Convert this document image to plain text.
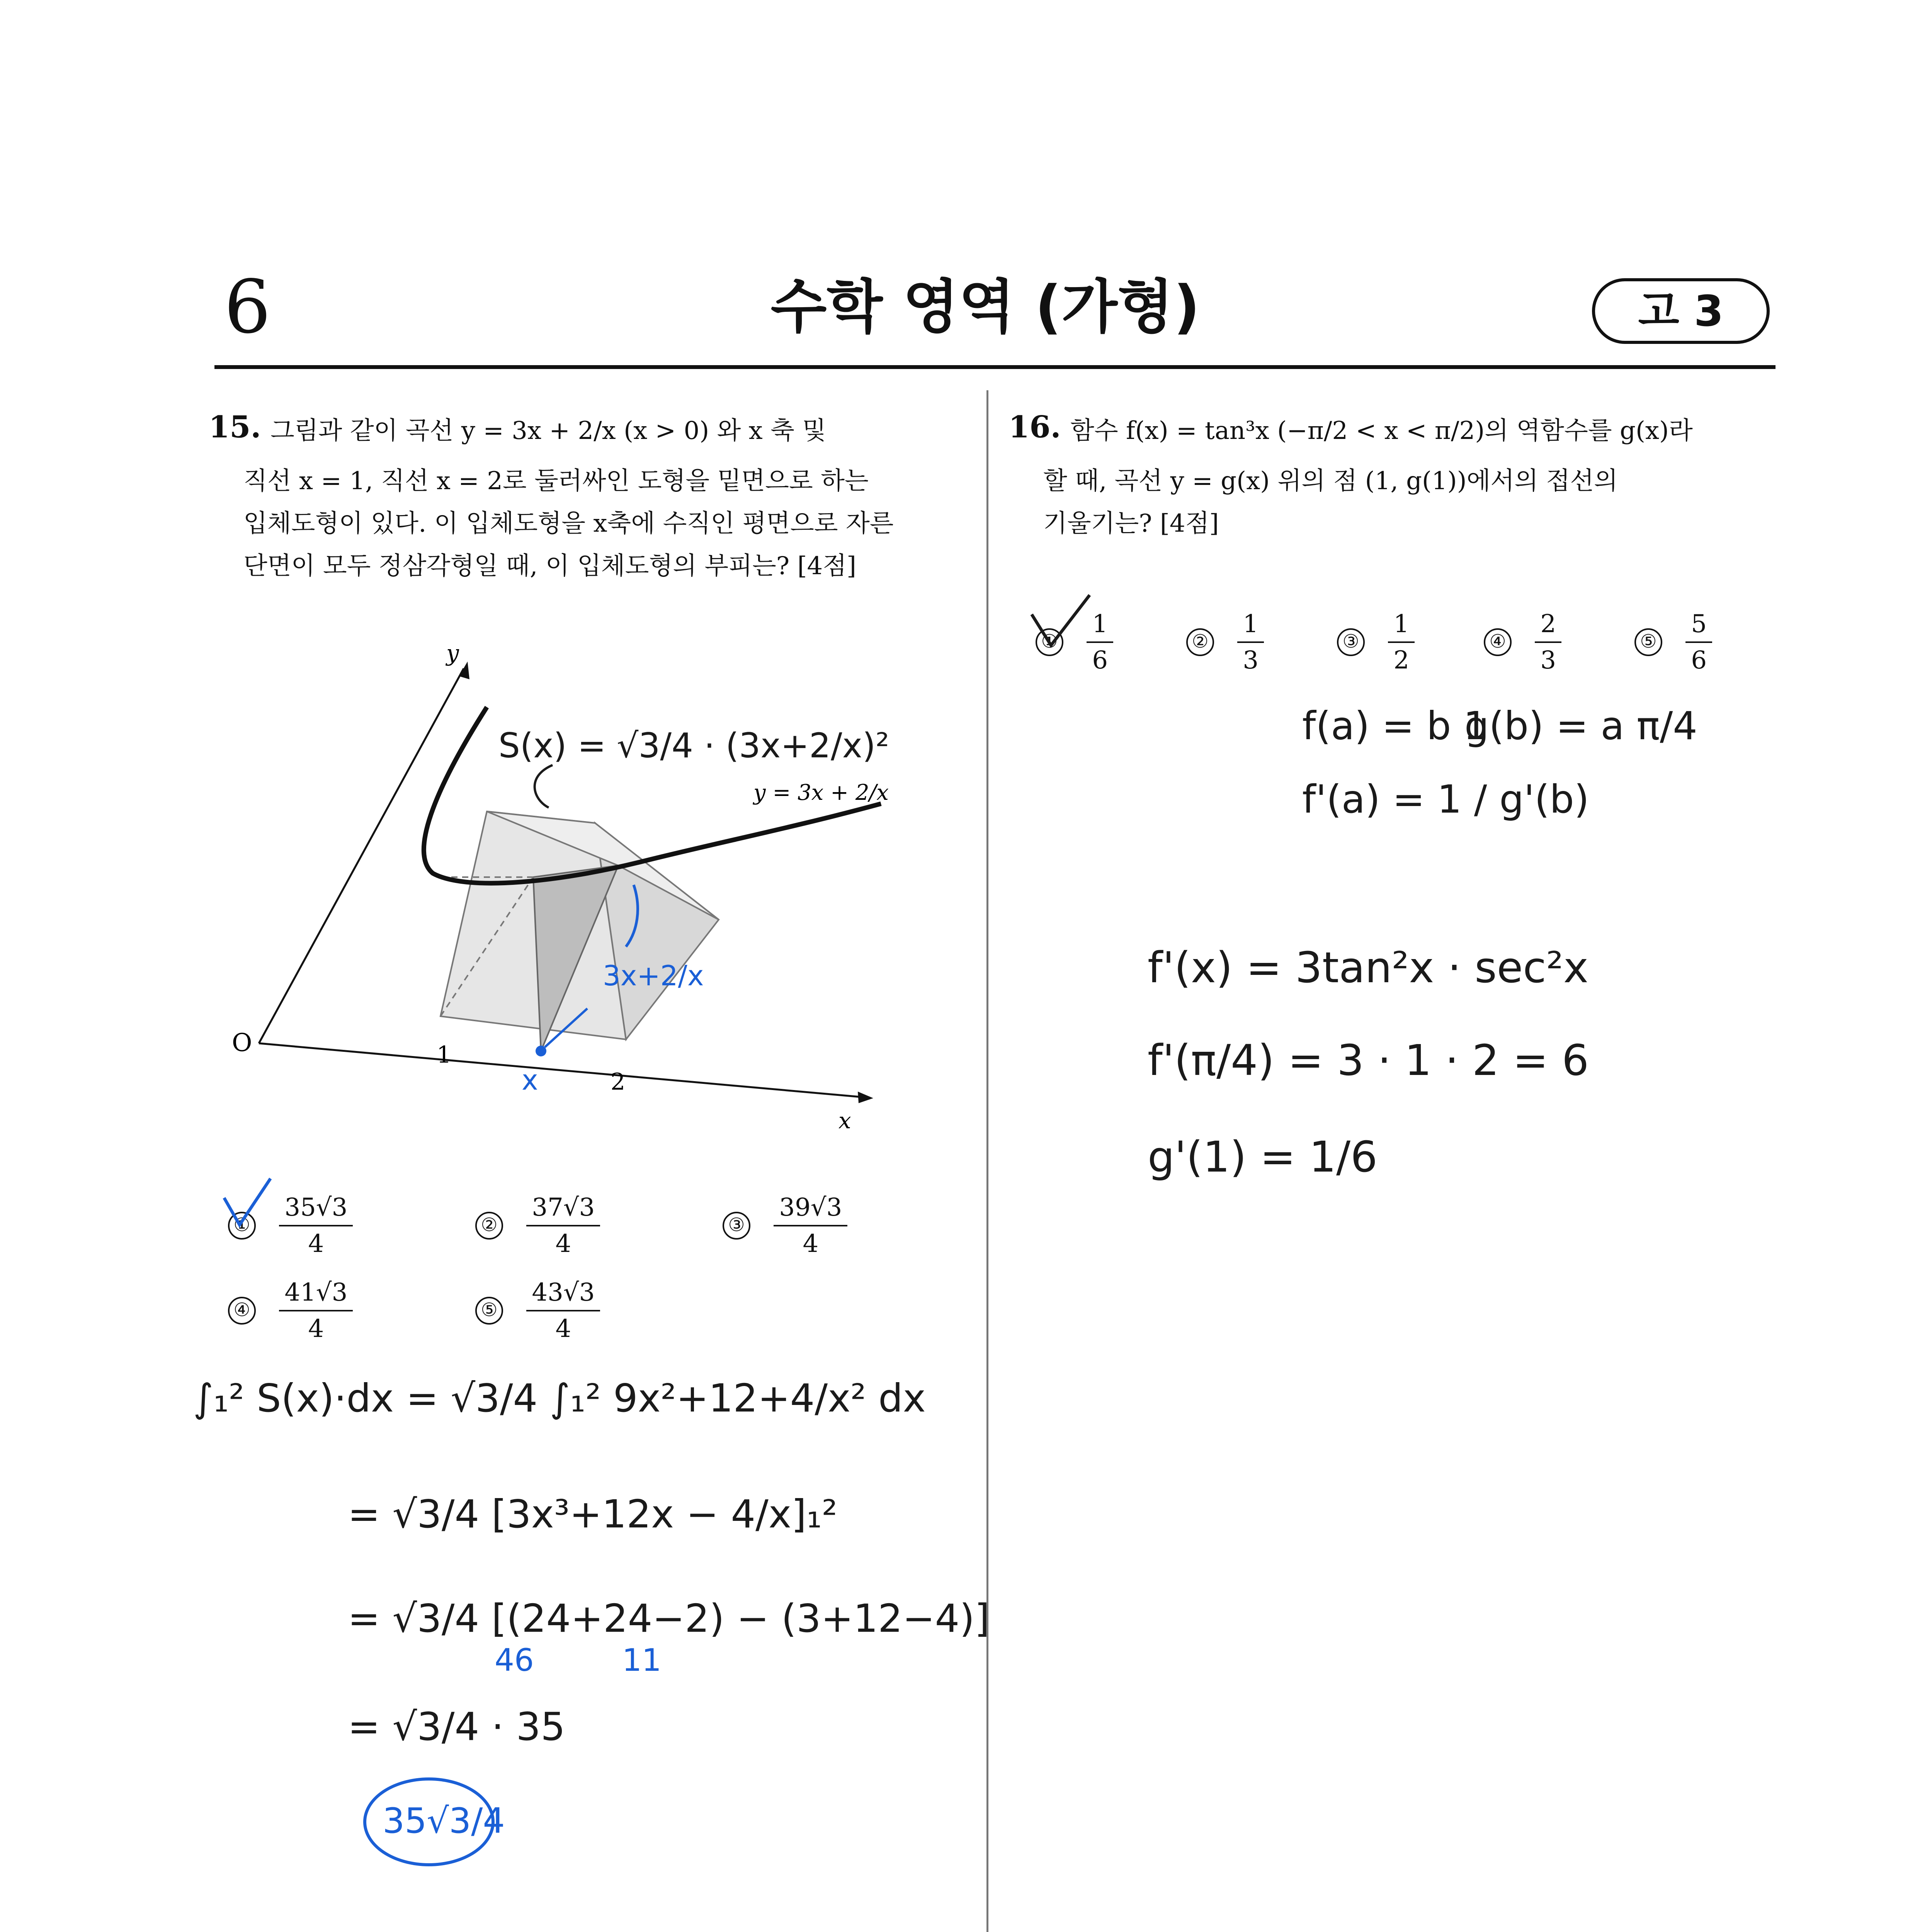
6	수학 영역 (가형)	고 3
15. 그림과 같이 곡선 y = 3x + 2/x (x > 0) 와 x 축 및
직선 x = 1, 직선 x = 2로 둘러싸인 도형을 밑면으로 하는
입체도형이 있다. 이 입체도형을 x축에 수직인 평면으로 자른
단면이 모두 정삼각형일 때, 이 입체도형의 부피는? [4점]
y
x
O	1
2
y = 3x + 2/x
S(x) = √3/4 · (3x+2/x)²
3x+2/x
x
① $\frac{35√3}{4}$	② $\frac{37√3}{4}$	③ $\frac{39√3}{4}$
④ $\frac{41√3}{4}$	⑤ $\frac{43√3}{4}$
∫₁² S(x)·dx = √3/4 ∫₁² 9x²+12+4/x² dx
= √3/4 [3x³+12x − 4/x]₁²
= √3/4 [(24+24−2) − (3+12−4)]
46	11
= √3/4 · 35
35√3/4
16. 함수 f(x) = tan³x (−π/2 < x < π/2)의 역함수를 g(x)라
할 때, 곡선 y = g(x) 위의 점 (1, g(1))에서의 접선의
기울기는? [4점]
① $\frac{1}{6}$	② $\frac{1}{3}$	③ $\frac{1}{2}$	④ $\frac{2}{3}$	⑤ $\frac{5}{6}$
f(a) = b 1
g(b) = a π/4
f'(a) = 1 / g'(b)
f'(x) = 3tan²x · sec²x
f'(π/4) = 3 · 1 · 2 = 6
g'(1) = 1/6
